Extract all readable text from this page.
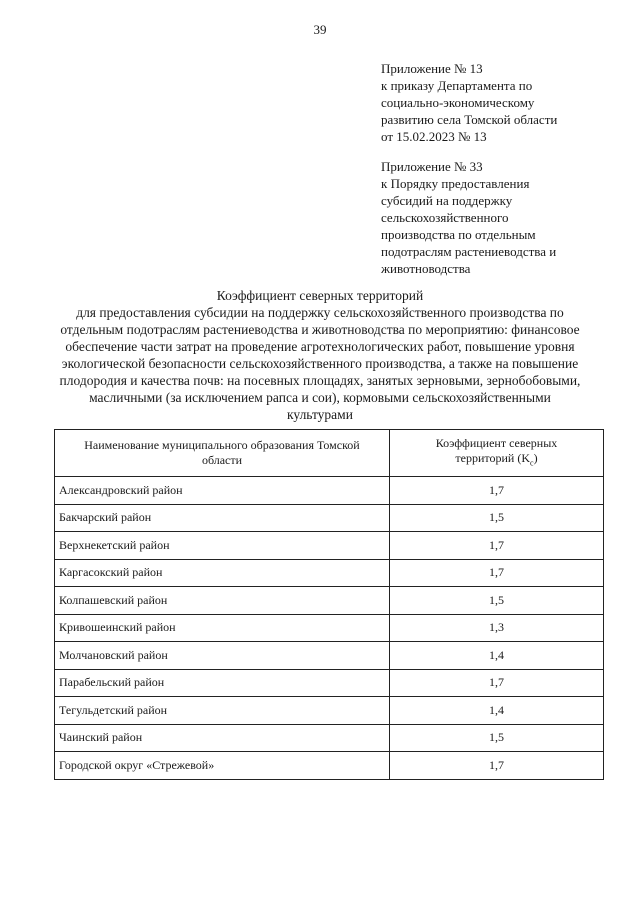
39
Приложение № 13
к приказу Департамента по
социально-экономическому
развитию села Томской области
от 15.02.2023 № 13
Приложение № 33
к Порядку предоставления
субсидий на поддержку
сельскохозяйственного
производства по отдельным
подотраслям растениеводства и
животноводства
Коэффициент северных территорий
для предоставления субсидии на поддержку сельскохозяйственного производства по
отдельным подотраслям растениеводства и животноводства по мероприятию: финансовое
обеспечение части затрат на проведение агротехнологических работ, повышение уровня
экологической безопасности сельскохозяйственного производства, а также на повышение
плодородия и качества почв: на посевных площадях, занятых зерновыми, зернобобовыми,
масличными (за исключением рапса и сои), кормовыми сельскохозяйственными
культурами
Наименование муниципального образования Томской
области	Коэффициент северных
территорий $(K_с)$
Александровский район	1,7
Бакчарский район	1,5
Верхнекетский район	1,7
Каргасокский район	1,7
Колпашевский район	1,5
Кривошеинский район	1,3
Молчановский район	1,4
Парабельский район	1,7
Тегульдетский район	1,4
Чаинский район	1,5
Городской округ «Стрежевой»	1,7
